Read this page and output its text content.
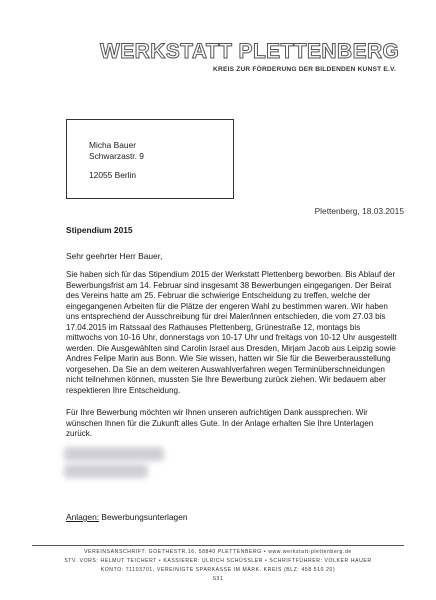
WERKSTATT PLETTENBERG
KREIS ZUR FÖRDERUNG DER BILDENDEN KUNST E.V.
Micha Bauer
Schwarzastr. 9
12055 Berlin
Plettenberg, 18.03.2015
Stipendium 2015
Sehr geehrter Herr Bauer,
Sie haben sich für das Stipendium 2015 der Werkstatt Plettenberg beworben. Bis Ablauf der
Bewerbungsfrist am 14. Februar sind insgesamt 38 Bewerbungen eingegangen. Der Beirat
des Vereins hatte am 25. Februar die schwierige Entscheidung zu treffen, welche der
eingegangenen Arbeiten für die Plätze der engeren Wahl zu bestimmen waren. Wir haben
uns entsprechend der Ausschreibung für drei Maler/innen entschieden, die vom 27.03 bis
17.04.2015 im Ratssaal des Rathauses Plettenberg, Grünestraße 12, montags bis
mittwochs von 10-16 Uhr, donnerstags von 10-17 Uhr und freitags von 10-12 Uhr ausgestellt
werden. Die Ausgewählten sind Carolin Israel aus Dresden, Mirjam Jacob aus Leipzig sowie
Andres Felipe Marin aus Bonn. Wie Sie wissen, hatten wir Sie für die Bewerberausstellung
vorgesehen. Da Sie an dem weiteren Auswahlverfahren wegen Terminüberschneidungen
nicht teilnehmen können, mussten Sie Ihre Bewerbung zurück ziehen. Wir bedauern aber
respektieren Ihre Entscheidung.
Für Ihre Bewerbung möchten wir Ihnen unseren aufrichtigen Dank aussprechen. Wir
wünschen Ihnen für die Zukunft alles Gute. In der Anlage erhalten Sie Ihre Unterlagen
zurück.
Anlagen: Bewerbungsunterlagen
VEREINSANSCHRIFT: GOETHESTR.16, 58840 PLETTENBERG • www.werkstatt-plettenberg.de
STV. VORS: HELMUT TEICHERT • KASSIERER: ULRICH SCHÜSSLER • SCHRIFTFÜHRER: VOLKER HAUER
KONTO: 71103701, VEREINIGTE SPARKASSE IM MÄRK. KREIS (BLZ: 458 510 20)
S31
